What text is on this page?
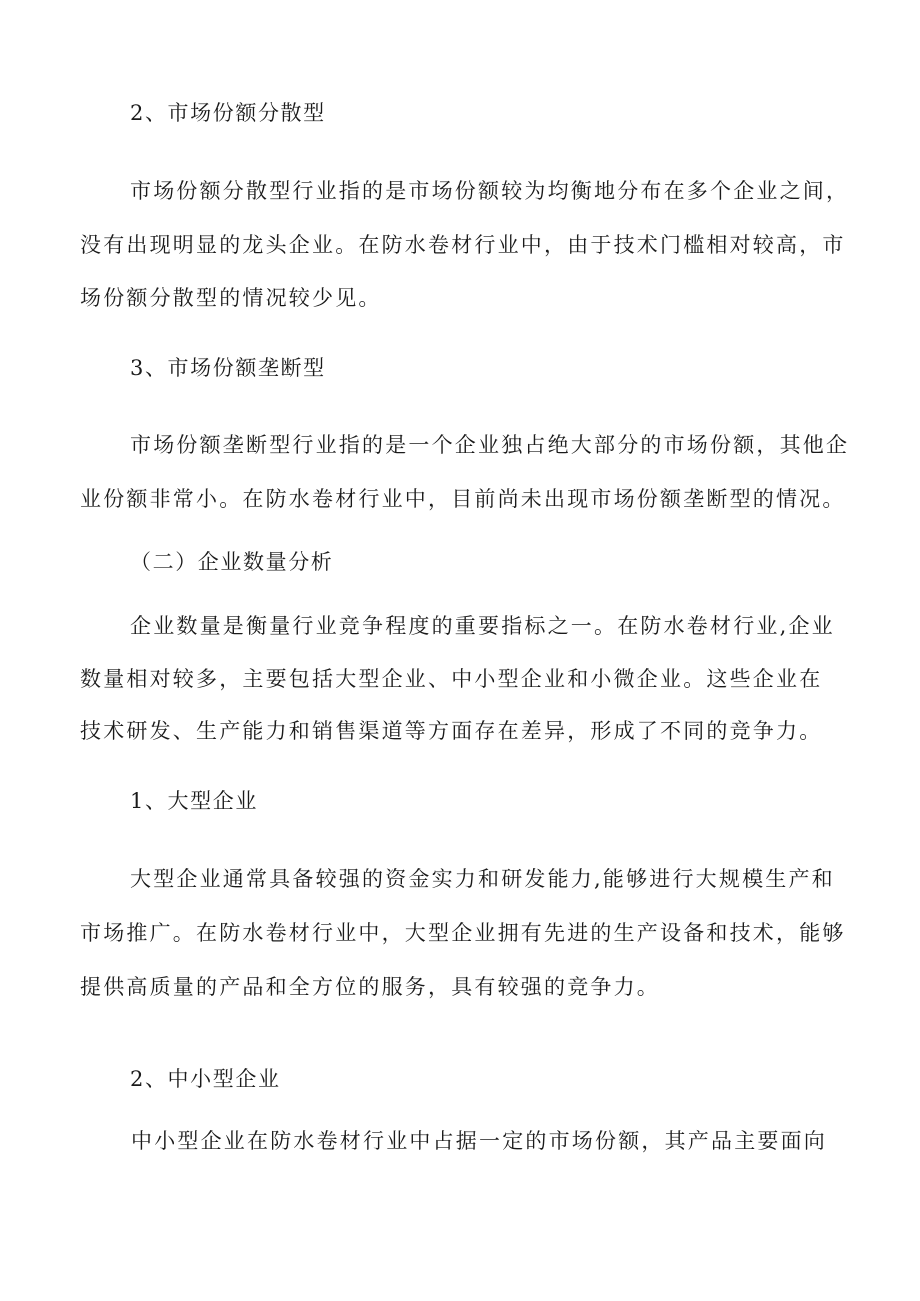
2、市场份额分散型
市场份额分散型行业指的是市场份额较为均衡地分布在多个企业之间，
没有出现明显的龙头企业。在防水卷材行业中，由于技术门槛相对较高，市
场份额分散型的情况较少见。
3、市场份额垄断型
市场份额垄断型行业指的是一个企业独占绝大部分的市场份额，其他企
业份额非常小。在防水卷材行业中，目前尚未出现市场份额垄断型的情况。
（二）企业数量分析
企业数量是衡量行业竞争程度的重要指标之一。在防水卷材行业,企业
数量相对较多，主要包括大型企业、中小型企业和小微企业。这些企业在
技术研发、生产能力和销售渠道等方面存在差异，形成了不同的竞争力。
1、大型企业
大型企业通常具备较强的资金实力和研发能力,能够进行大规模生产和
市场推广。在防水卷材行业中，大型企业拥有先进的生产设备和技术，能够
提供高质量的产品和全方位的服务，具有较强的竞争力。
2、中小型企业
中小型企业在防水卷材行业中占据一定的市场份额，其产品主要面向
